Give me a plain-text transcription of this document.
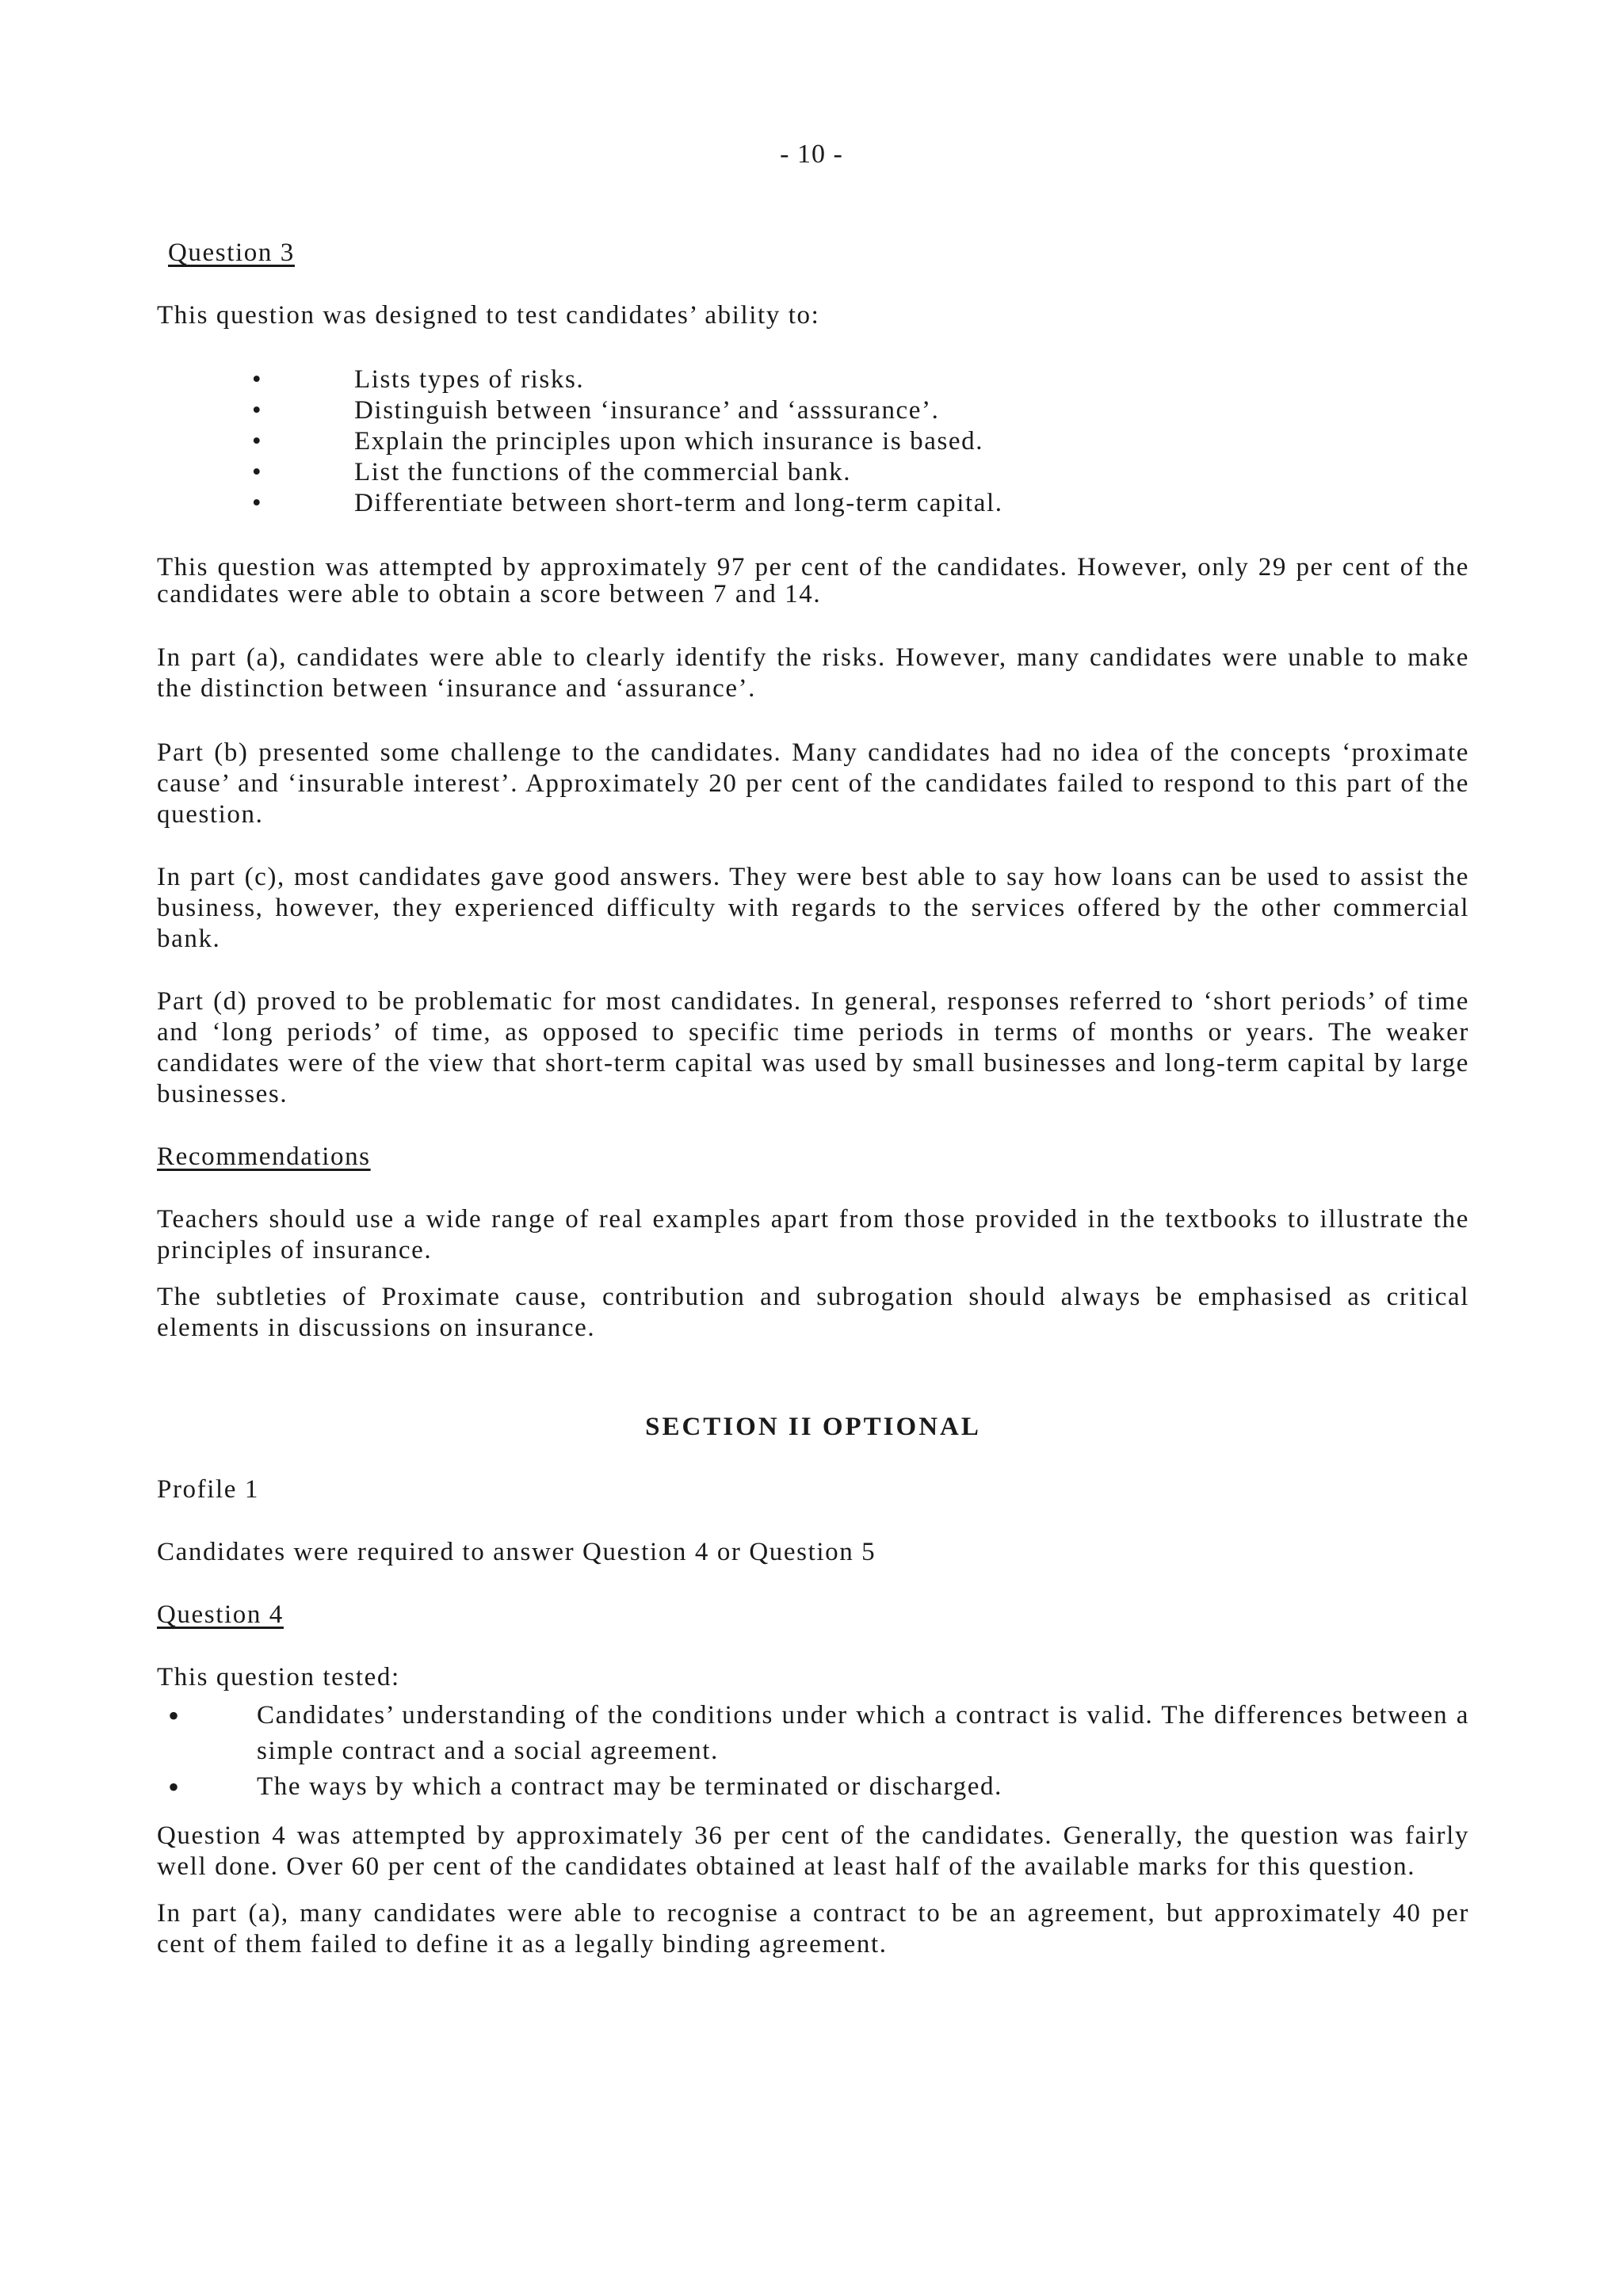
- 10 -

Question 3

This question was designed to test candidates’ ability to:

•	Lists types of risks.
•	Distinguish between ‘insurance’ and ‘asssurance’.
•	Explain the principles upon which insurance is based.
•	List the functions of the commercial bank.
•	Differentiate between short-term and long-term capital.

This question was attempted by approximately 97 per cent of the candidates. However, only 29 per cent of the candidates were able to obtain a score between 7 and 14.

In part (a), candidates were able to clearly identify the risks. However, many candidates were unable to make the distinction between ‘insurance and ‘assurance’.

Part (b) presented some challenge to the candidates. Many candidates had no idea of the concepts ‘proximate cause’ and ‘insurable interest’. Approximately 20 per cent of the candidates failed to respond to this part of the question.

In part (c), most candidates gave good answers. They were best able to say how loans can be used to assist the business, however, they experienced difficulty with regards to the services offered by the other commercial bank.

Part (d) proved to be problematic for most candidates. In general, responses referred to ‘short periods’ of time and ‘long periods’ of time, as opposed to specific time periods in terms of months or years. The weaker candidates were of the view that short-term capital was used by small businesses and long-term capital by large businesses.

Recommendations

Teachers should use a wide range of real examples apart from those provided in the textbooks to illustrate the principles of insurance.

The subtleties of Proximate cause, contribution and subrogation should always be emphasised as critical elements in discussions on insurance.

SECTION II OPTIONAL

Profile 1

Candidates were required to answer Question 4 or Question 5

Question 4

This question tested:

•	Candidates’ understanding of the conditions under which a contract is valid. The differences between a simple contract and a social agreement.
•	The ways by which a contract may be terminated or discharged.

Question 4 was attempted by approximately 36 per cent of the candidates. Generally, the question was fairly well done. Over 60 per cent of the candidates obtained at least half of the available marks for this question.

In part (a), many candidates were able to recognise a contract to be an agreement, but approximately 40 per cent of them failed to define it as a legally binding agreement.
